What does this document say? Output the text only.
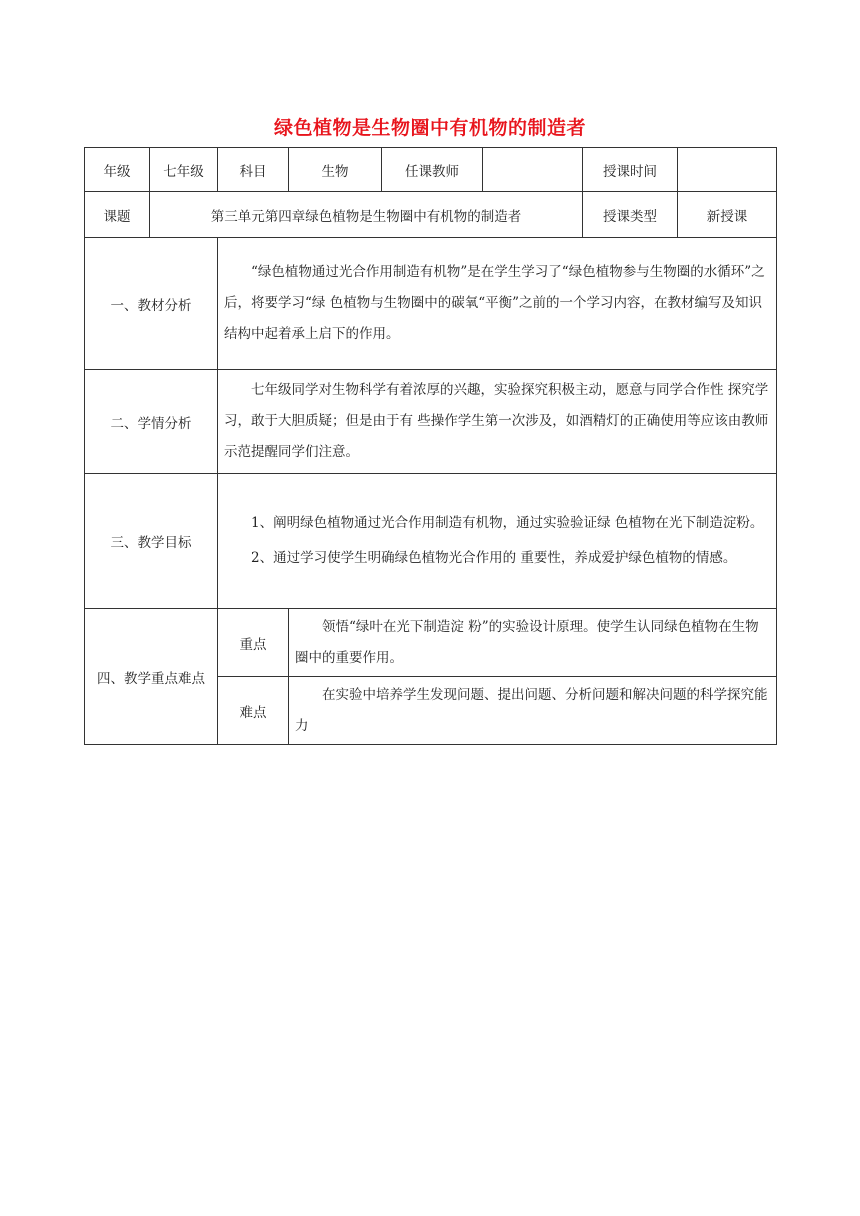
绿色植物是生物圈中有机物的制造者
年级	七年级	科目	生物	任课教师		授课时间	
课题	第三单元第四章绿色植物是生物圈中有机物的制造者					授课类型	新授课
一、教材分析		“绿色植物通过光合作用制造有机物”是在学生学习了“绿色植物参与生物圈的水循环”之后，将要学习“绿 色植物与生物圈中的碳氧“平衡”之前的一个学习内容，在教材编写及知识结构中起着承上启下的作用。					

二、学情分析		七年级同学对生物科学有着浓厚的兴趣，实验探究积极主动，愿意与同学合作性 探究学习，敢于大胆质疑；但是由于有 些操作学生第一次涉及，如酒精灯的正确使用等应该由教师示范提醒同学们注意。					

三、教学目标		1、阐明绿色植物通过光合作用制造有机物，通过实验验证绿 色植物在光下制造淀粉。
2、通过学习使学生明确绿色植物光合作用的 重要性，养成爱护绿色植物的情感。					

四、教学重点难点		重点	领悟“绿叶在光下制造淀 粉”的实验设计原理。使学生认同绿色植物在生物圈中的重要作用。				

		难点	在实验中培养学生发现问题、提出问题、分析问题和解决问题的科学探究能力				
